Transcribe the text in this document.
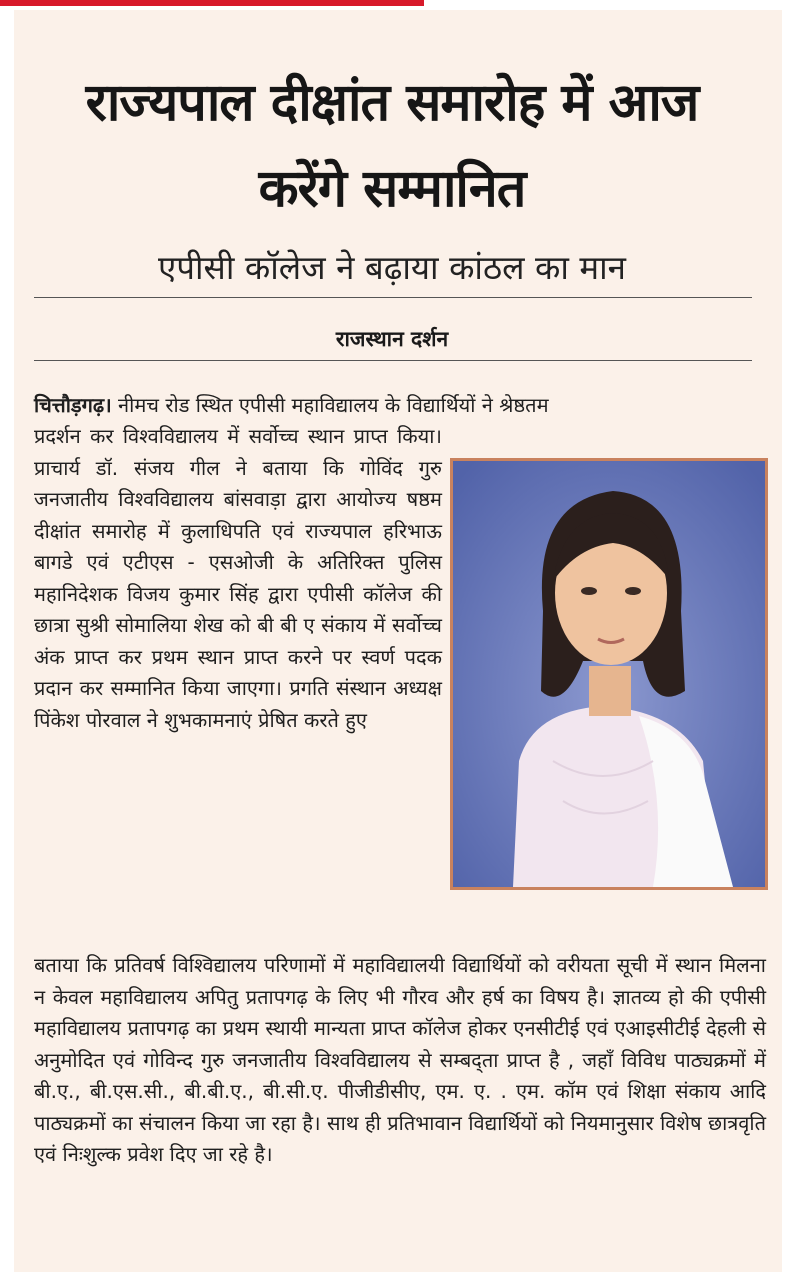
राज्यपाल दीक्षांत समारोह में आज करेंगे सम्मानित
एपीसी कॉलेज ने बढ़ाया कांठल का मान
राजस्थान दर्शन
चित्तौड़गढ़। नीमच रोड स्थित एपीसी महाविद्यालय के विद्यार्थियों ने श्रेष्ठतम
प्रदर्शन कर विश्वविद्यालय में सर्वोच्च स्थान प्राप्त किया। प्राचार्य डॉ. संजय गील ने बताया कि गोविंद गुरु जनजातीय विश्वविद्यालय बांसवाड़ा द्वारा आयोज्य षष्ठम दीक्षांत समारोह में कुलाधिपति एवं राज्यपाल हरिभाऊ बागडे एवं एटीएस - एसओजी के अतिरिक्त पुलिस महानिदेशक विजय कुमार सिंह द्वारा एपीसी कॉलेज की छात्रा सुश्री सोमालिया शेख को बी बी ए संकाय में सर्वोच्च अंक प्राप्त कर प्रथम स्थान प्राप्त करने पर स्वर्ण पदक प्रदान कर सम्मानित किया जाएगा। प्रगति संस्थान अध्यक्ष पिंकेश पोरवाल ने शुभकामनाएं प्रेषित करते हुए
बताया कि प्रतिवर्ष विश्विद्यालय परिणामों में महाविद्यालयी विद्यार्थियों को वरीयता सूची में स्थान मिलना न केवल महाविद्यालय अपितु प्रतापगढ़ के लिए भी गौरव और हर्ष का विषय है। ज्ञातव्य हो की एपीसी महाविद्यालय प्रतापगढ़ का प्रथम स्थायी मान्यता प्राप्त कॉलेज होकर एनसीटीई एवं एआइसीटीई देहली से अनुमोदित एवं गोविन्द गुरु जनजातीय विश्वविद्यालय से सम्बद्‌ता प्राप्त है , जहाँ विविध पाठ्यक्रमों में बी.ए., बी.एस.सी., बी.बी.ए., बी.सी.ए. पीजीडीसीए, एम. ए. . एम. कॉम एवं शिक्षा संकाय आदि पाठ्यक्रमों का संचालन किया जा रहा है। साथ ही प्रतिभावान विद्यार्थियों को नियमानुसार विशेष छात्रवृति एवं निःशुल्क प्रवेश दिए जा रहे है।
